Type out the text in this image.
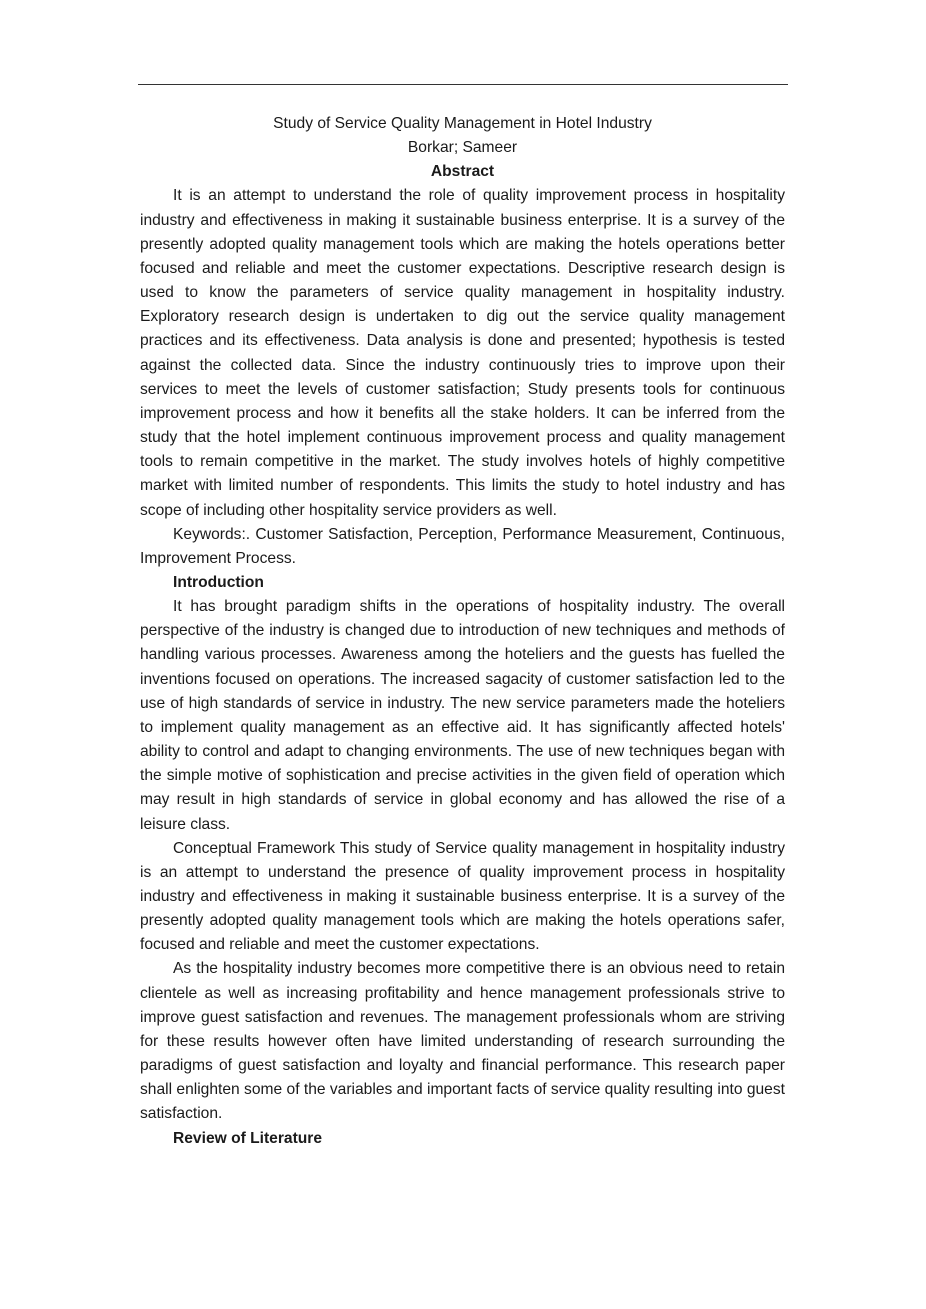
Study of Service Quality Management in Hotel Industry

Borkar; Sameer

Abstract

It is an attempt to understand the role of quality improvement process in hospitality industry and effectiveness in making it sustainable business enterprise. It is a survey of the presently adopted quality management tools which are making the hotels operations better focused and reliable and meet the customer expectations. Descriptive research design is used to know the parameters of service quality management in hospitality industry. Exploratory research design is undertaken to dig out the service quality management practices and its effectiveness. Data analysis is done and presented; hypothesis is tested against the collected data. Since the industry continuously tries to improve upon their services to meet the levels of customer satisfaction; Study presents tools for continuous improvement process and how it benefits all the stake holders. It can be inferred from the study that the hotel implement continuous improvement process and quality management tools to remain competitive in the market. The study involves hotels of highly competitive market with limited number of respondents. This limits the study to hotel industry and has scope of including other hospitality service providers as well.

Keywords:. Customer Satisfaction, Perception, Performance Measurement, Continuous, Improvement Process.

Introduction

It has brought paradigm shifts in the operations of hospitality industry. The overall perspective of the industry is changed due to introduction of new techniques and methods of handling various processes. Awareness among the hoteliers and the guests has fuelled the inventions focused on operations. The increased sagacity of customer satisfaction led to the use of high standards of service in industry. The new service parameters made the hoteliers to implement quality management as an effective aid. It has significantly affected hotels' ability to control and adapt to changing environments. The use of new techniques began with the simple motive of sophistication and precise activities in the given field of operation which may result in high standards of service in global economy and has allowed the rise of a leisure class.

Conceptual Framework This study of Service quality management in hospitality industry is an attempt to understand the presence of quality improvement process in hospitality industry and effectiveness in making it sustainable business enterprise. It is a survey of the presently adopted quality management tools which are making the hotels operations safer, focused and reliable and meet the customer expectations.

As the hospitality industry becomes more competitive there is an obvious need to retain clientele as well as increasing profitability and hence management professionals strive to improve guest satisfaction and revenues. The management professionals whom are striving for these results however often have limited understanding of research surrounding the paradigms of guest satisfaction and loyalty and financial performance. This research paper shall enlighten some of the variables and important facts of service quality resulting into guest satisfaction.

Review of Literature
